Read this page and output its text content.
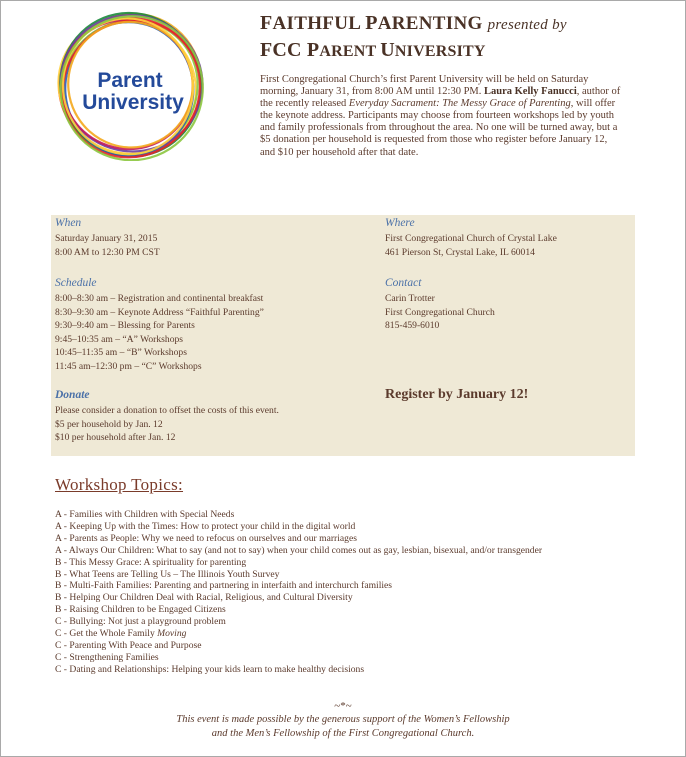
Parent
University
FAITHFUL PARENTING presented by
FCC PARENT UNIVERSITY
First Congregational Church’s first Parent University will be held on Saturday morning, January 31, from 8:00 AM until 12:30 PM. Laura Kelly Fanucci, author of the recently released Everyday Sacrament: The Messy Grace of Parenting, will offer the keynote address. Participants may choose from fourteen workshops led by youth and family professionals from throughout the area. No one will be turned away, but a $5 donation per household is requested from those who register before January 12, and $10 per household after that date.
When
Saturday January 31, 2015
8:00 AM to 12:30 PM CST
Where
First Congregational Church of Crystal Lake
461 Pierson St, Crystal Lake, IL 60014
Schedule
8:00–8:30 am – Registration and continental breakfast
8:30–9:30 am – Keynote Address “Faithful Parenting”
9:30–9:40 am – Blessing for Parents
9:45–10:35 am – “A” Workshops
10:45–11:35 am – “B” Workshops
11:45 am–12:30 pm – “C” Workshops
Contact
Carin Trotter
First Congregational Church
815-459-6010
Donate
Please consider a donation to offset the costs of this event.
$5 per household by Jan. 12
$10 per household after Jan. 12
Register by January 12!
Workshop Topics:
A - Families with Children with Special Needs
A - Keeping Up with the Times: How to protect your child in the digital world
A - Parents as People: Why we need to refocus on ourselves and our marriages
A - Always Our Children: What to say (and not to say) when your child comes out as gay, lesbian, bisexual, and/or transgender
B - This Messy Grace: A spirituality for parenting
B - What Teens are Telling Us – The Illinois Youth Survey
B - Multi-Faith Families: Parenting and partnering in interfaith and interchurch families
B - Helping Our Children Deal with Racial, Religious, and Cultural Diversity
B - Raising Children to be Engaged Citizens
C - Bullying: Not just a playground problem
C - Get the Whole Family Moving
C - Parenting With Peace and Purpose
C - Strengthening Families
C - Dating and Relationships: Helping your kids learn to make healthy decisions
~*~
This event is made possible by the generous support of the Women’s Fellowship
and the Men’s Fellowship of the First Congregational Church.
